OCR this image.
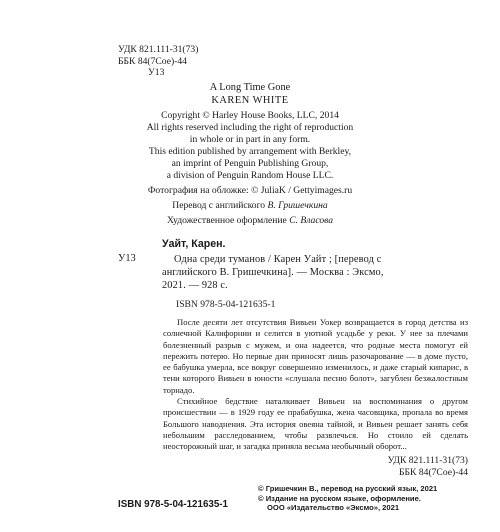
УДК 821.111-31(73)
ББК 84(7Сое)-44
У13
A Long Time Gone
KAREN WHITE
Copyright © Harley House Books, LLC, 2014
All rights reserved including the right of reproduction
in whole or in part in any form.
This edition published by arrangement with Berkley,
an imprint of Penguin Publishing Group,
a division of Penguin Random House LLC.
Фотография на обложке: © JuliaK / Gettyimages.ru
Перевод с английского В. Гришечкина
Художественное оформление С. Власова
Уайт, Карен.
У13	Одна среди туманов / Карен Уайт ; [перевод с
английского В. Гришечкина]. — Москва : Эксмо,
2021. — 928 с.
ISBN 978-5-04-121635-1

После десяти лет отсутствия Вивьен Уокер возвращается в город детства из солнечной Калифорнии и селится в уютной усадьбе у реки. У нее за плечами болезненный разрыв с мужем, и она надеется, что родные места помогут ей пережить потерю. Но первые дни приносят лишь разочарование — в доме пусто, ее бабушка умерла, все вокруг совершенно изменилось, и даже старый кипарис, в тени которого Вивьен в юности «слушала песню болот», загублен безжалостным торнадо.

Стихийное бедствие наталкивает Вивьен на воспоминания о другом происшествии — в 1929 году ее прабабушка, жена часовщика, пропала во время Большого наводнения. Эта история овеяна тайной, и Вивьен решает занять себя небольшим расследованием, чтобы развлечься. Но стоило ей сделать неосторожный шаг, и загадка приняла весьма необычный оборот...

УДК 821.111-31(73)
ББК 84(7Сое)-44
ISBN 978-5-04-121635-1
© Гришечкин В., перевод на русский язык, 2021
© Издание на русском языке, оформление.
ООО «Издательство «Эксмо», 2021
